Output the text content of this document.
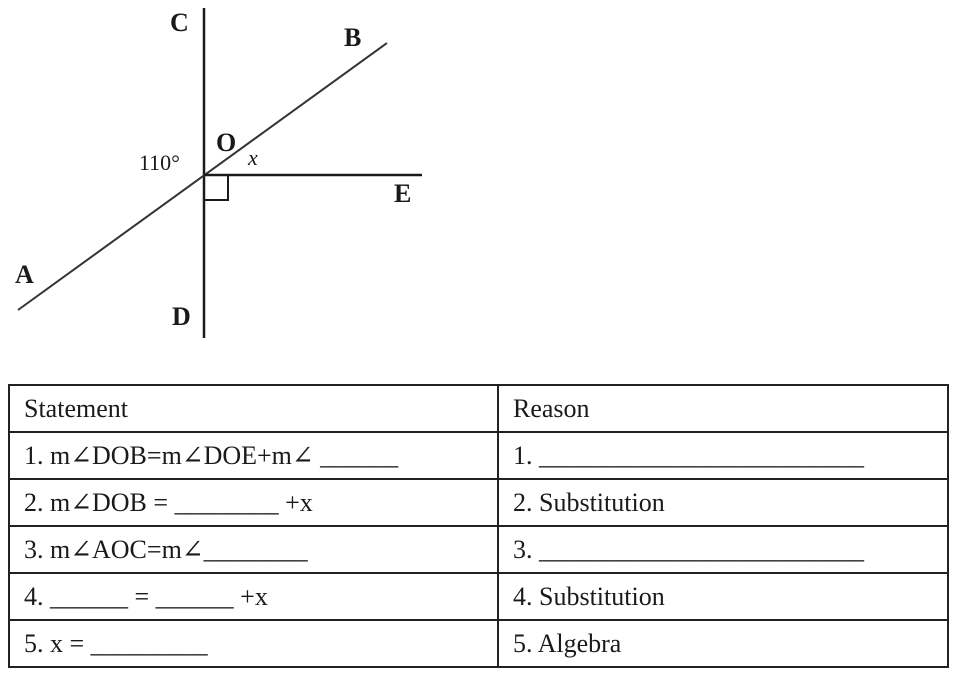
C
B
O
E
A
D
110°	x
Statement	Reason
1. m∠DOB=m∠DOE+m∠ ______	1. _________________________
2. m∠DOB = ________ +x	2. Substitution
3. m∠AOC=m∠________	3. _________________________
4. ______ = ______ +x	4. Substitution
5. x = _________	5. Algebra
